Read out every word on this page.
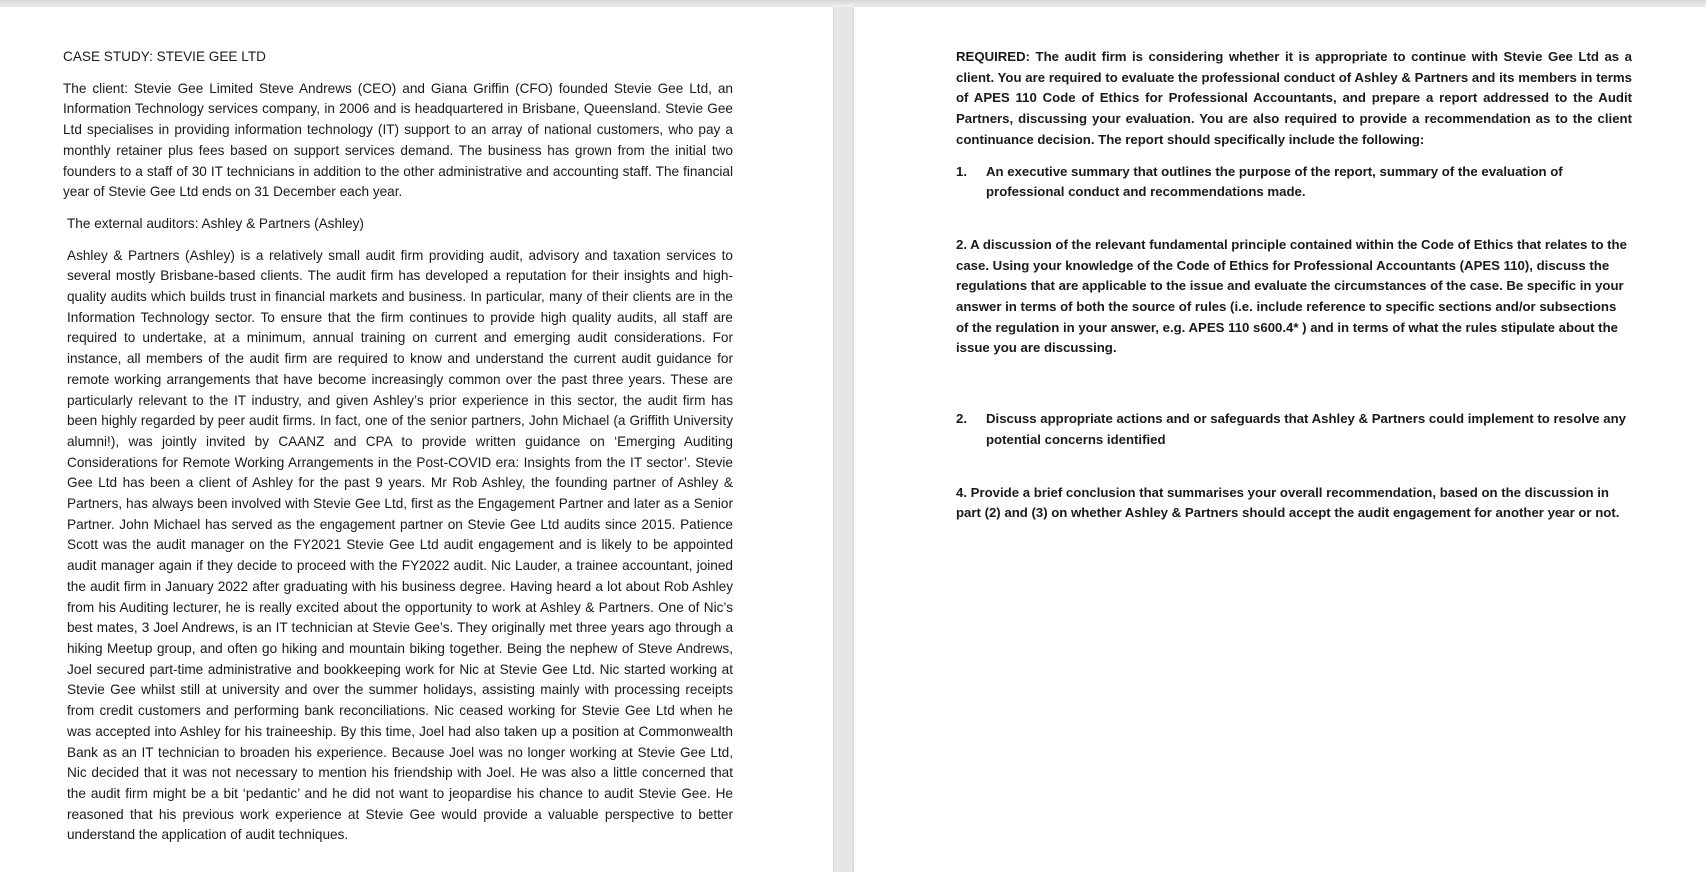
CASE STUDY: STEVIE GEE LTD

The client: Stevie Gee Limited Steve Andrews (CEO) and Giana Griffin (CFO) founded Stevie Gee Ltd, an Information Technology services company, in 2006 and is headquartered in Brisbane, Queensland. Stevie Gee Ltd specialises in providing information technology (IT) support to an array of national customers, who pay a monthly retainer plus fees based on support services demand. The business has grown from the initial two founders to a staff of 30 IT technicians in addition to the other administrative and accounting staff. The financial year of Stevie Gee Ltd ends on 31 December each year.

The external auditors: Ashley & Partners (Ashley)

Ashley & Partners (Ashley) is a relatively small audit firm providing audit, advisory and taxation services to several mostly Brisbane-based clients. The audit firm has developed a reputation for their insights and high-quality audits which builds trust in financial markets and business. In particular, many of their clients are in the Information Technology sector. To ensure that the firm continues to provide high quality audits, all staff are required to undertake, at a minimum, annual training on current and emerging audit considerations. For instance, all members of the audit firm are required to know and understand the current audit guidance for remote working arrangements that have become increasingly common over the past three years. These are particularly relevant to the IT industry, and given Ashley’s prior experience in this sector, the audit firm has been highly regarded by peer audit firms. In fact, one of the senior partners, John Michael (a Griffith University alumni!), was jointly invited by CAANZ and CPA to provide written guidance on ‘Emerging Auditing Considerations for Remote Working Arrangements in the Post-COVID era: Insights from the IT sector’. Stevie Gee Ltd has been a client of Ashley for the past 9 years. Mr Rob Ashley, the founding partner of Ashley & Partners, has always been involved with Stevie Gee Ltd, first as the Engagement Partner and later as a Senior Partner. John Michael has served as the engagement partner on Stevie Gee Ltd audits since 2015. Patience Scott was the audit manager on the FY2021 Stevie Gee Ltd audit engagement and is likely to be appointed audit manager again if they decide to proceed with the FY2022 audit. Nic Lauder, a trainee accountant, joined the audit firm in January 2022 after graduating with his business degree. Having heard a lot about Rob Ashley from his Auditing lecturer, he is really excited about the opportunity to work at Ashley & Partners. One of Nic’s best mates, 3 Joel Andrews, is an IT technician at Stevie Gee’s. They originally met three years ago through a hiking Meetup group, and often go hiking and mountain biking together. Being the nephew of Steve Andrews, Joel secured part-time administrative and bookkeeping work for Nic at Stevie Gee Ltd. Nic started working at Stevie Gee whilst still at university and over the summer holidays, assisting mainly with processing receipts from credit customers and performing bank reconciliations. Nic ceased working for Stevie Gee Ltd when he was accepted into Ashley for his traineeship. By this time, Joel had also taken up a position at Commonwealth Bank as an IT technician to broaden his experience. Because Joel was no longer working at Stevie Gee Ltd, Nic decided that it was not necessary to mention his friendship with Joel. He was also a little concerned that the audit firm might be a bit ‘pedantic’ and he did not want to jeopardise his chance to audit Stevie Gee. He reasoned that his previous work experience at Stevie Gee would provide a valuable perspective to better understand the application of audit techniques.

REQUIRED: The audit firm is considering whether it is appropriate to continue with Stevie Gee Ltd as a client. You are required to evaluate the professional conduct of Ashley & Partners and its members in terms of APES 110 Code of Ethics for Professional Accountants, and prepare a report addressed to the Audit Partners, discussing your evaluation. You are also required to provide a recommendation as to the client continuance decision. The report should specifically include the following:

1.	An executive summary that outlines the purpose of the report, summary of the evaluation of professional conduct and recommendations made.

2. A discussion of the relevant fundamental principle contained within the Code of Ethics that relates to the case. Using your knowledge of the Code of Ethics for Professional Accountants (APES 110), discuss the regulations that are applicable to the issue and evaluate the circumstances of the case. Be specific in your answer in terms of both the source of rules (i.e. include reference to specific sections and/or subsections of the regulation in your answer, e.g. APES 110 s600.4* ) and in terms of what the rules stipulate about the issue you are discussing.

2.	Discuss appropriate actions and or safeguards that Ashley & Partners could implement to resolve any potential concerns identified

4. Provide a brief conclusion that summarises your overall recommendation, based on the discussion in part (2) and (3) on whether Ashley & Partners should accept the audit engagement for another year or not.
